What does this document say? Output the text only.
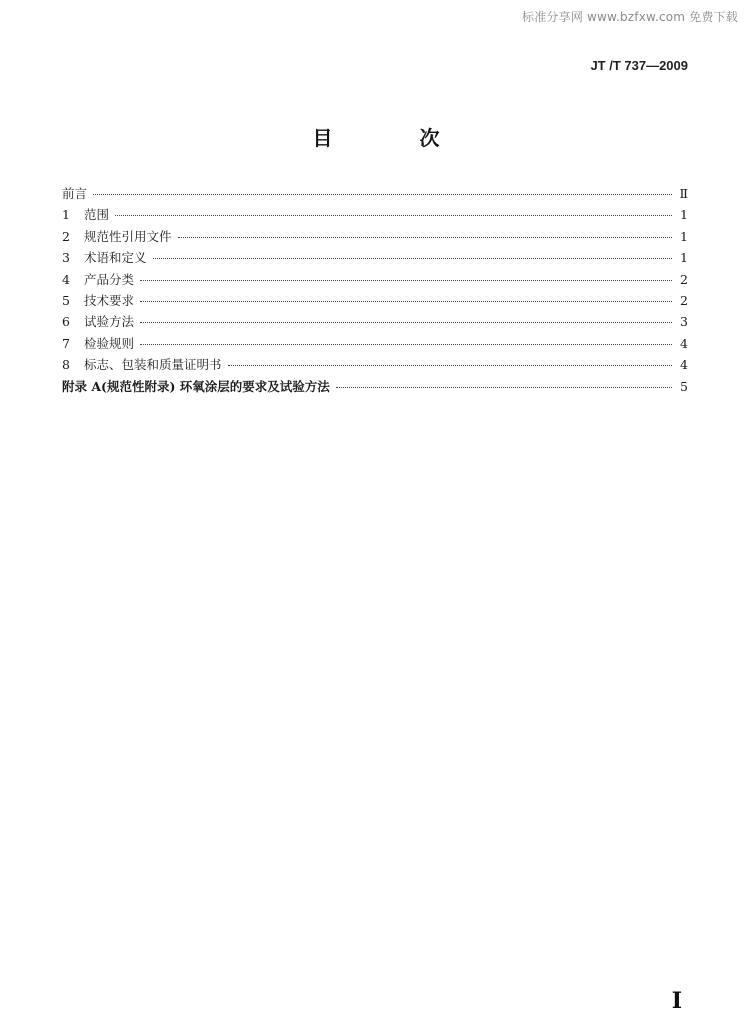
标准分享网 www.bzfxw.com 免费下载
JT /T 737—2009
目 次
前言	Ⅱ
1	范围	1
2	规范性引用文件	1
3	术语和定义	1
4	产品分类	2
5	技术要求	2
6	试验方法	3
7	检验规则	4
8	标志、包装和质量证明书	4
附录 A(规范性附录) 环氧涂层的要求及试验方法	5
I
